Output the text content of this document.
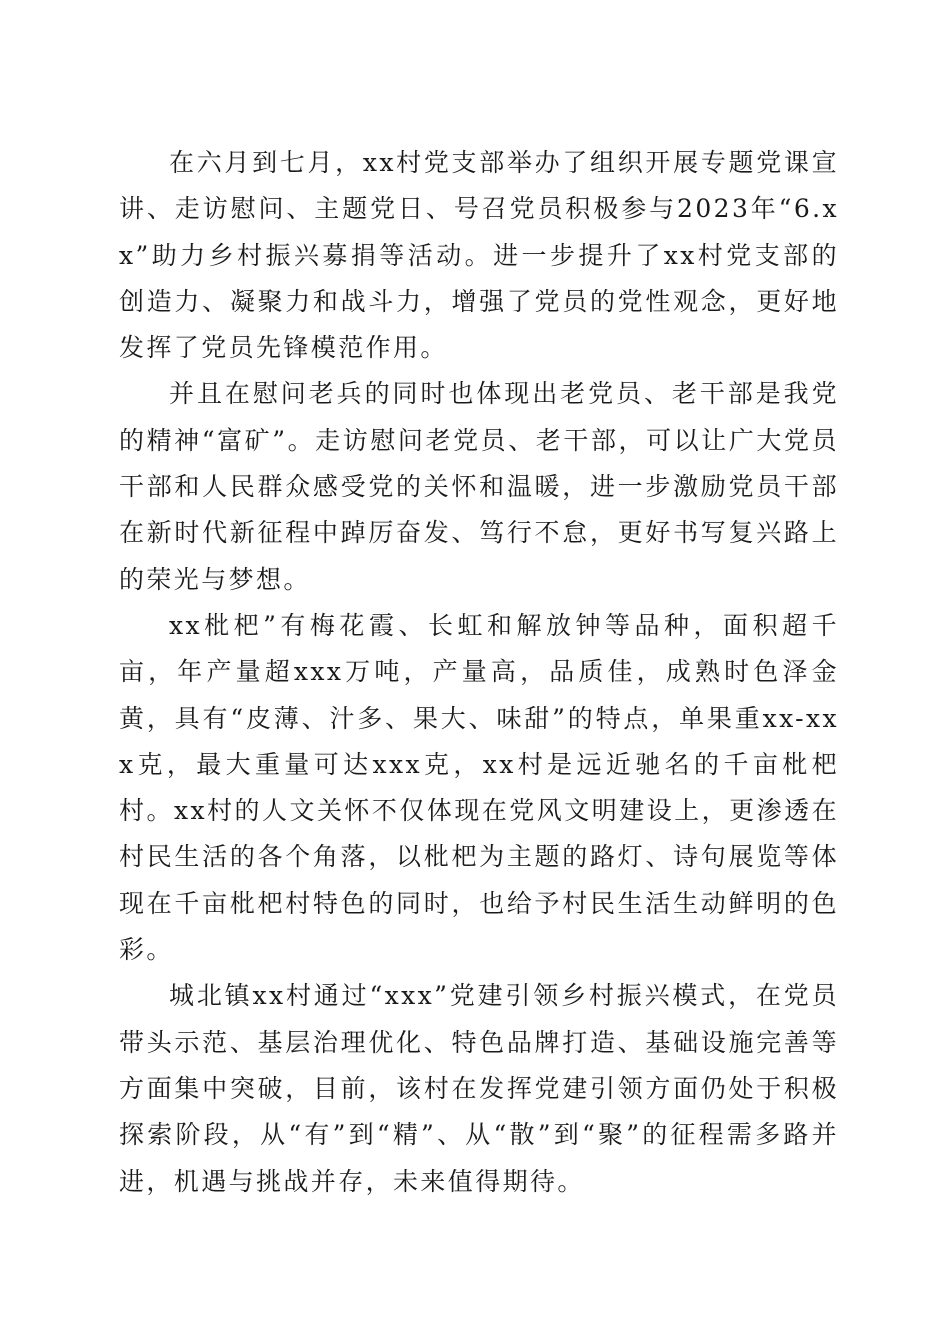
在六月到七月，xx村党支部举办了组织开展专题党课宣讲、走访慰问、主题党日、号召党员积极参与2023年“6.xx”助力乡村振兴募捐等活动。进一步提升了xx村党支部的创造力、凝聚力和战斗力，增强了党员的党性观念，更好地发挥了党员先锋模范作用。

并且在慰问老兵的同时也体现出老党员、老干部是我党的精神“富矿”。走访慰问老党员、老干部，可以让广大党员干部和人民群众感受党的关怀和温暖，进一步激励党员干部在新时代新征程中踔厉奋发、笃行不怠，更好书写复兴路上的荣光与梦想。

xx枇杷”有梅花霞、长虹和解放钟等品种，面积超千亩，年产量超xxx万吨，产量高，品质佳，成熟时色泽金黄，具有“皮薄、汁多、果大、味甜”的特点，单果重xx-xxx克，最大重量可达xxx克，xx村是远近驰名的千亩枇杷村。xx村的人文关怀不仅体现在党风文明建设上，更渗透在村民生活的各个角落，以枇杷为主题的路灯、诗句展览等体现在千亩枇杷村特色的同时，也给予村民生活生动鲜明的色彩。

城北镇xx村通过“xxx”党建引领乡村振兴模式，在党员带头示范、基层治理优化、特色品牌打造、基础设施完善等方面集中突破，目前，该村在发挥党建引领方面仍处于积极探索阶段，从“有”到“精”、从“散”到“聚”的征程需多路并进，机遇与挑战并存，未来值得期待。
